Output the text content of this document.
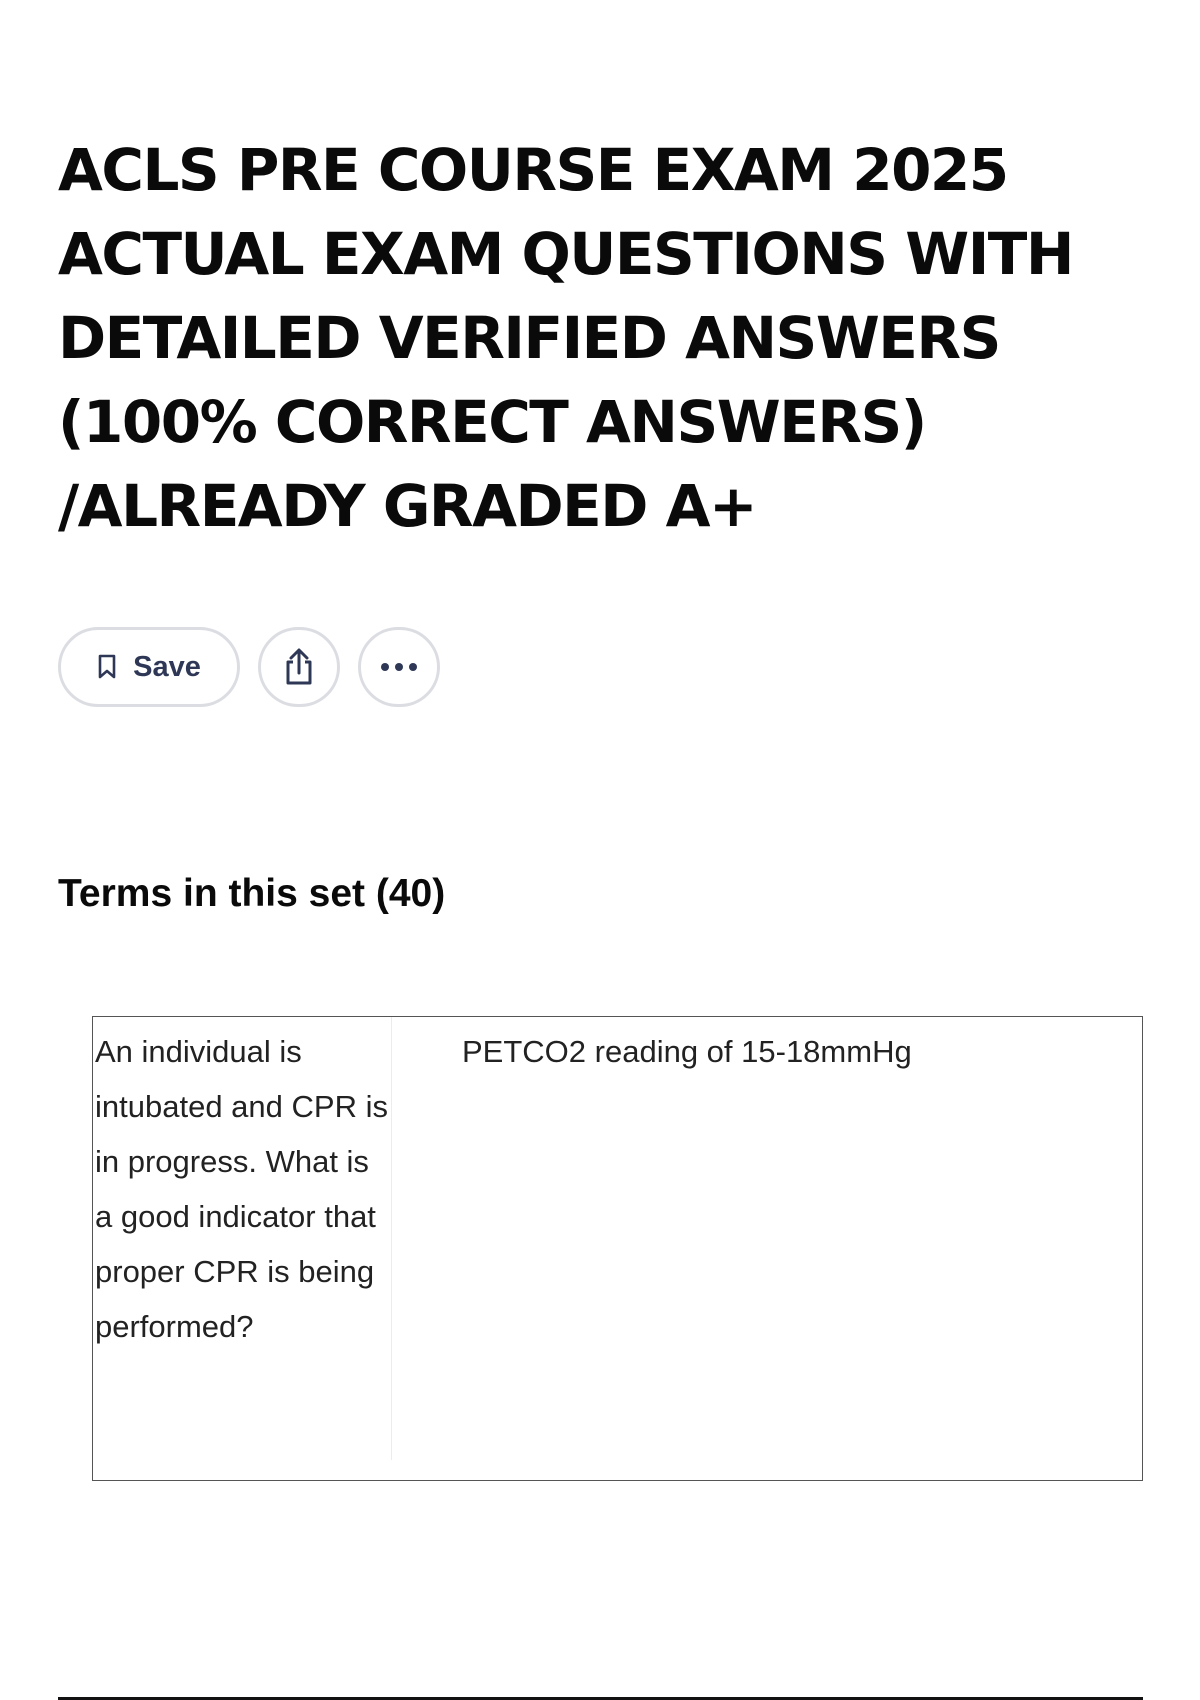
ACLS PRE COURSE EXAM 2025 ACTUAL EXAM QUESTIONS WITH DETAILED VERIFIED ANSWERS (100% CORRECT ANSWERS) /ALREADY GRADED A+
Save
Terms in this set (40)
An individual is intubated and CPR is in progress. What is a good indicator that proper CPR is being performed?
PETCO2 reading of 15-18mmHg
